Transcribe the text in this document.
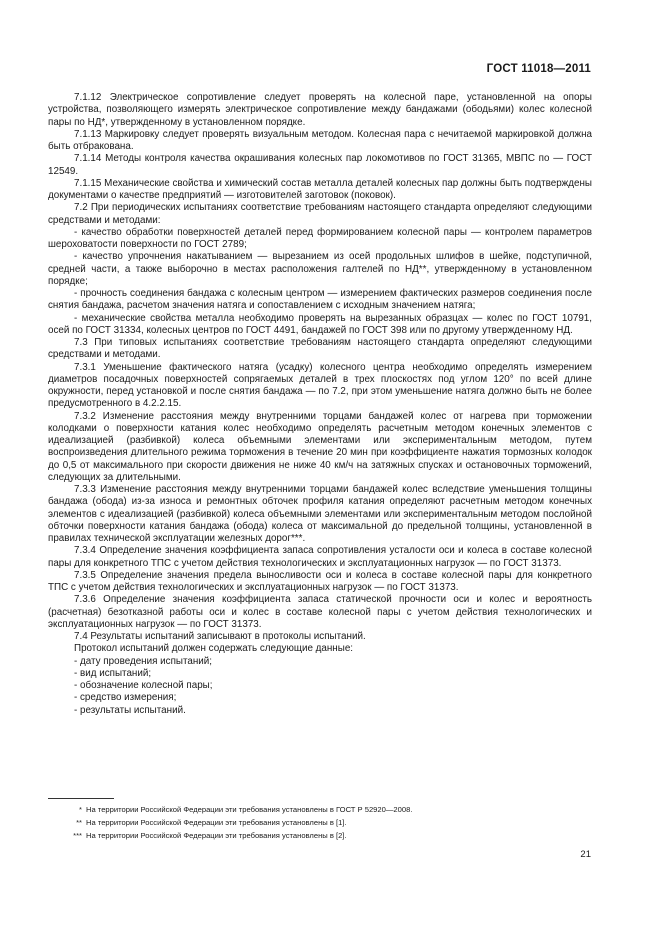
ГОСТ 11018—2011

7.1.12 Электрическое сопротивление следует проверять на колесной паре, установленной на опоры устройства, позволяющего измерять электрическое сопротивление между бандажами (ободьями) колес колесной пары по НД*, утвержденному в установленном порядке.

7.1.13 Маркировку следует проверять визуальным методом. Колесная пара с нечитаемой маркировкой должна быть отбракована.

7.1.14 Методы контроля качества окрашивания колесных пар локомотивов по ГОСТ 31365, МВПС по — ГОСТ 12549.

7.1.15 Механические свойства и химический состав металла деталей колесных пар должны быть подтверждены документами о качестве предприятий — изготовителей заготовок (поковок).

7.2 При периодических испытаниях соответствие требованиям настоящего стандарта определяют следующими средствами и методами:

- качество обработки поверхностей деталей перед формированием колесной пары — контролем параметров шероховатости поверхности по ГОСТ 2789;

- качество упрочнения накатыванием — вырезанием из осей продольных шлифов в шейке, подступичной, средней части, а также выборочно в местах расположения галтелей по НД**, утвержденному в установленном порядке;

- прочность соединения бандажа с колесным центром — измерением фактических размеров соединения после снятия бандажа, расчетом значения натяга и сопоставлением с исходным значением натяга;

- механические свойства металла необходимо проверять на вырезанных образцах — колес по ГОСТ 10791, осей по ГОСТ 31334, колесных центров по ГОСТ 4491, бандажей по ГОСТ 398 или по другому утвержденному НД.

7.3 При типовых испытаниях соответствие требованиям настоящего стандарта определяют следующими средствами и методами.

7.3.1 Уменьшение фактического натяга (усадку) колесного центра необходимо определять измерением диаметров посадочных поверхностей сопрягаемых деталей в трех плоскостях под углом 120° по всей длине окружности, перед установкой и после снятия бандажа — по 7.2, при этом уменьшение натяга должно быть не более предусмотренного в 4.2.2.15.

7.3.2 Изменение расстояния между внутренними торцами бандажей колес от нагрева при торможении колодками о поверхности катания колес необходимо определять расчетным методом конечных элементов с идеализацией (разбивкой) колеса объемными элементами или экспериментальным методом, путем воспроизведения длительного режима торможения в течение 20 мин при коэффициенте нажатия тормозных колодок до 0,5 от максимального при скорости движения не ниже 40 км/ч на затяжных спусках и остановочных торможений, следующих за длительными.

7.3.3 Изменение расстояния между внутренними торцами бандажей колес вследствие уменьшения толщины бандажа (обода) из-за износа и ремонтных обточек профиля катания определяют расчетным методом конечных элементов с идеализацией (разбивкой) колеса объемными элементами или экспериментальным методом послойной обточки поверхности катания бандажа (обода) колеса от максимальной до предельной толщины, установленной в правилах технической эксплуатации железных дорог***.

7.3.4 Определение значения коэффициента запаса сопротивления усталости оси и колеса в составе колесной пары для конкретного ТПС с учетом действия технологических и эксплуатационных нагрузок — по ГОСТ 31373.

7.3.5 Определение значения предела выносливости оси и колеса в составе колесной пары для конкретного ТПС с учетом действия технологических и эксплуатационных нагрузок — по ГОСТ 31373.

7.3.6 Определение значения коэффициента запаса статической прочности оси и колес и вероятность (расчетная) безотказной работы оси и колес в составе колесной пары с учетом действия технологических и эксплуатационных нагрузок — по ГОСТ 31373.

7.4 Результаты испытаний записывают в протоколы испытаний.

Протокол испытаний должен содержать следующие данные:

- дату проведения испытаний;

- вид испытаний;

- обозначение колесной пары;

- средство измерения;

- результаты испытаний.

* На территории Российской Федерации эти требования установлены в ГОСТ Р 52920—2008.
** На территории Российской Федерации эти требования установлены в [1].
*** На территории Российской Федерации эти требования установлены в [2].
21
